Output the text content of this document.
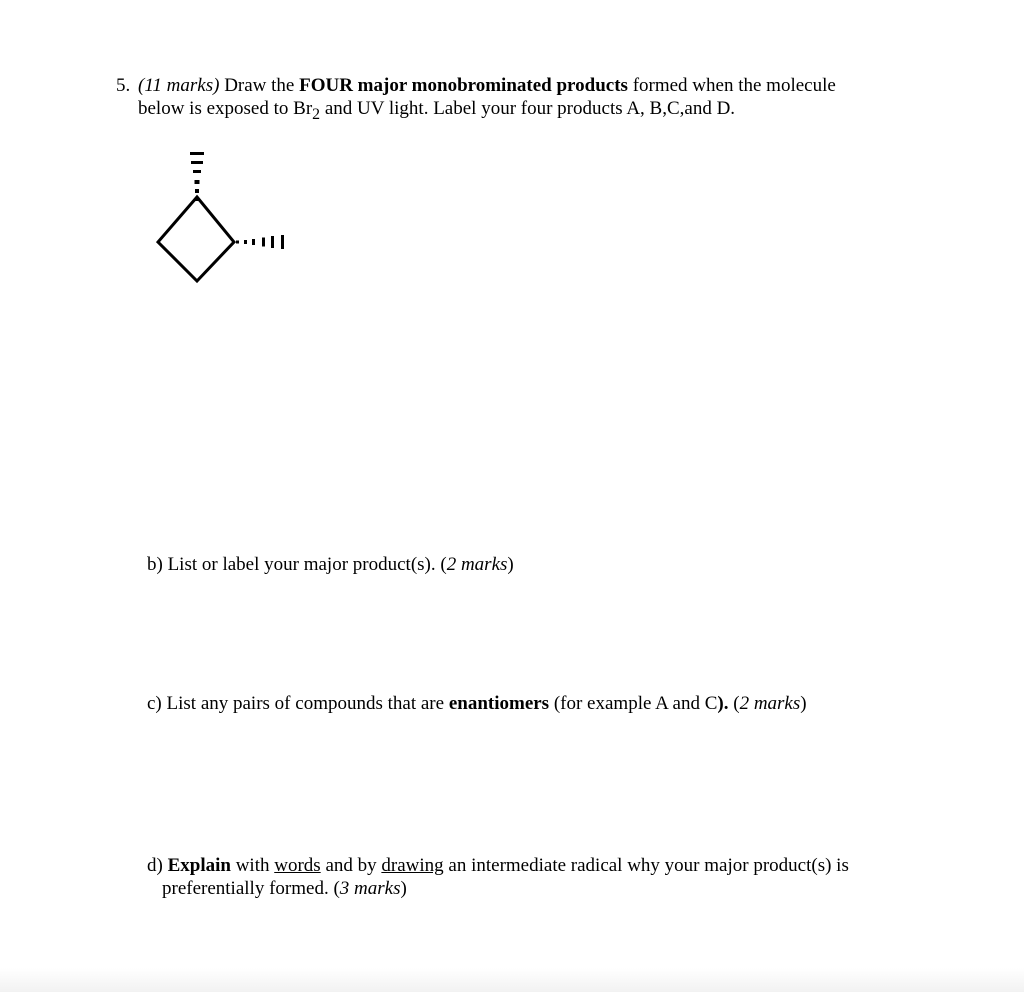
5. (11 marks) Draw the FOUR major monobrominated products formed when the molecule
below is exposed to $Br_2$ and UV light. Label your four products A, B,C,and D.
b) List or label your major product(s). (2 marks)
c) List any pairs of compounds that are enantiomers (for example A and C). (2 marks)
d) Explain with words and by drawing an intermediate radical why your major product(s) is
preferentially formed. (3 marks)
